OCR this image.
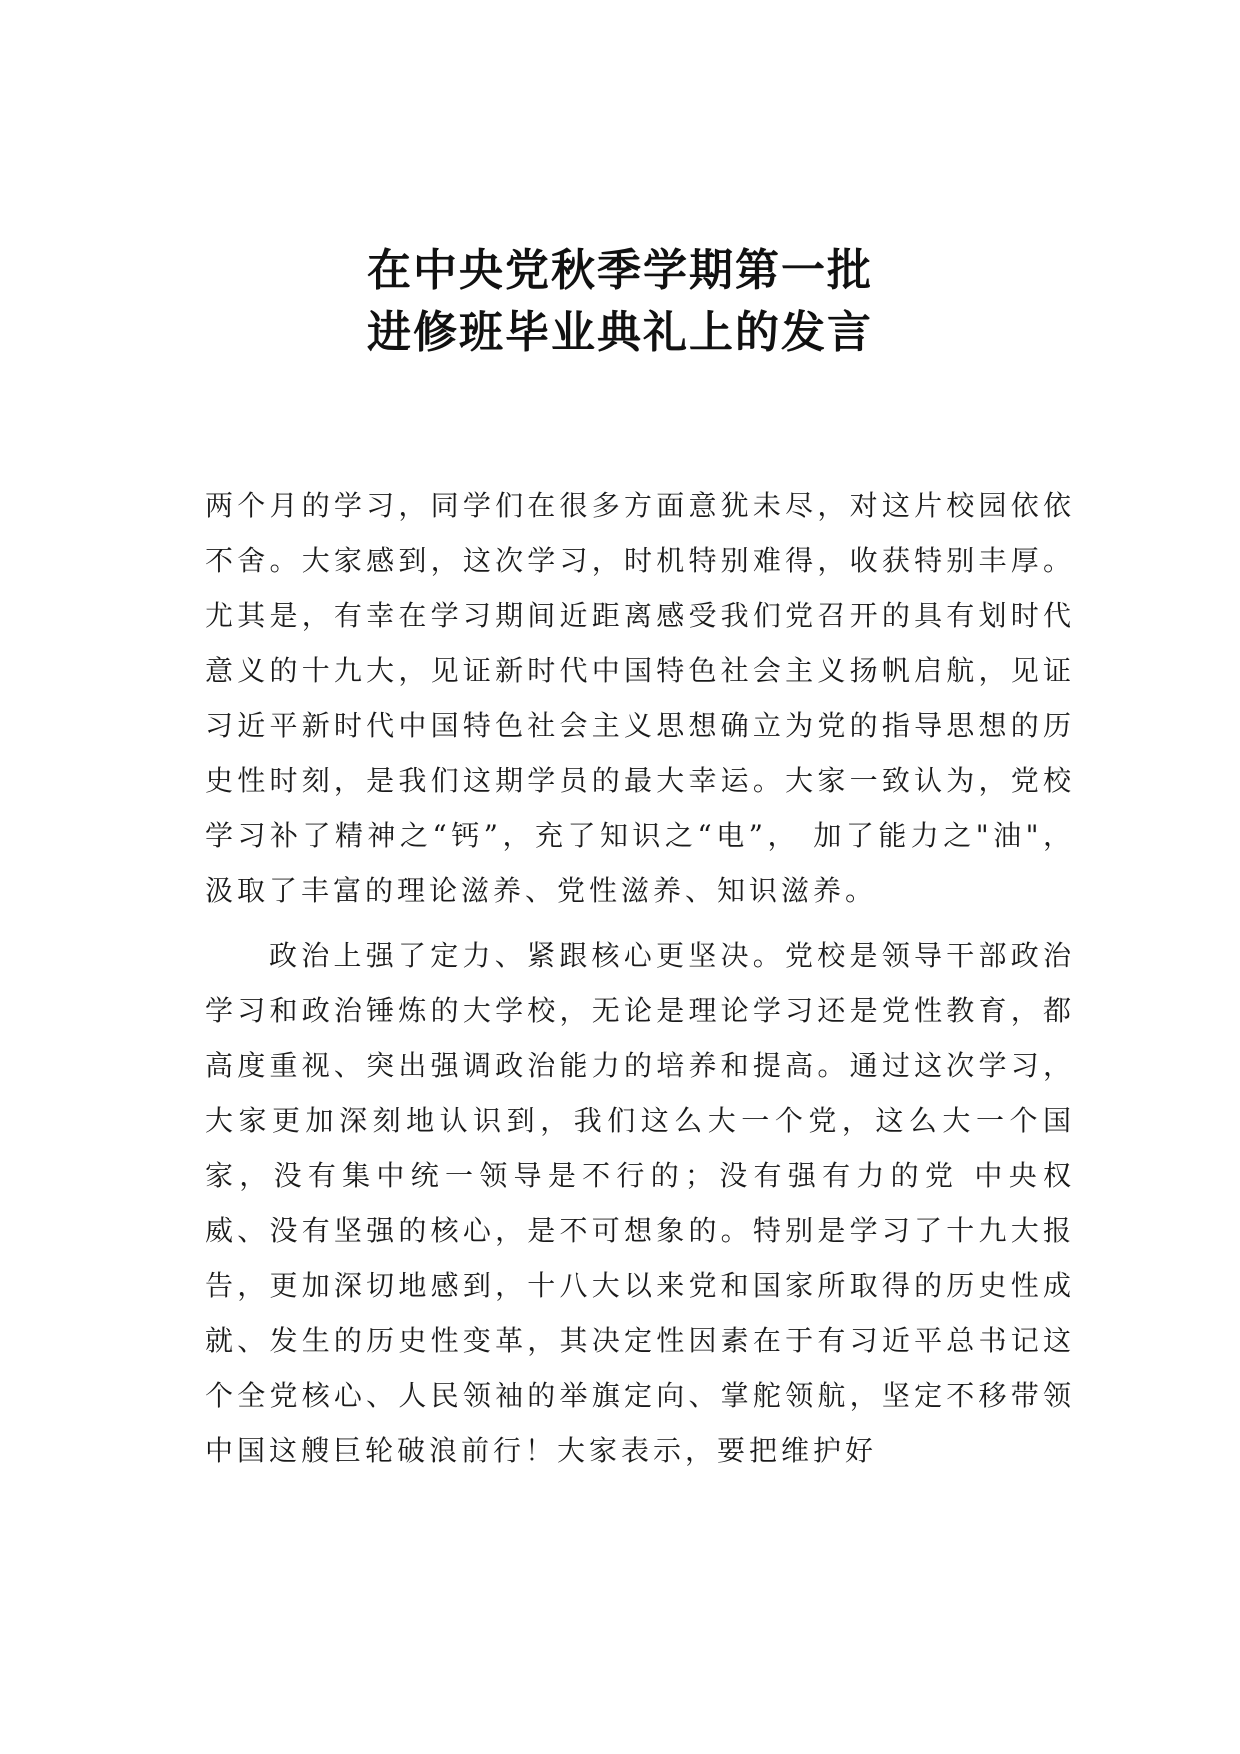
在中央党秋季学期第一批
进修班毕业典礼上的发言

两个月的学习，同学们在很多方面意犹未尽，对这片校园依依不舍。大家感到，这次学习，时机特别难得，收获特别丰厚。尤其是，有幸在学习期间近距离感受我们党召开的具有划时代意义的十九大，见证新时代中国特色社会主义扬帆启航，见证习近平新时代中国特色社会主义思想确立为党的指导思想的历史性时刻，是我们这期学员的最大幸运。大家一致认为，党校学习补了精神之“钙”，充了知识之“电”， 加了能力之"油"，汲取了丰富的理论滋养、党性滋养、知识滋养。

政治上强了定力、紧跟核心更坚决。党校是领导干部政治学习和政治锤炼的大学校，无论是理论学习还是党性教育，都高度重视、突出强调政治能力的培养和提高。通过这次学习，大家更加深刻地认识到，我们这么大一个党，这么大一个国家，没有集中统一领导是不行的；没有强有力的党 中央权威、没有坚强的核心，是不可想象的。特别是学习了十九大报告，更加深切地感到，十八大以来党和国家所取得的历史性成就、发生的历史性变革，其决定性因素在于有习近平总书记这个全党核心、人民领袖的举旗定向、掌舵领航，坚定不移带领中国这艘巨轮破浪前行！大家表示，要把维护好
